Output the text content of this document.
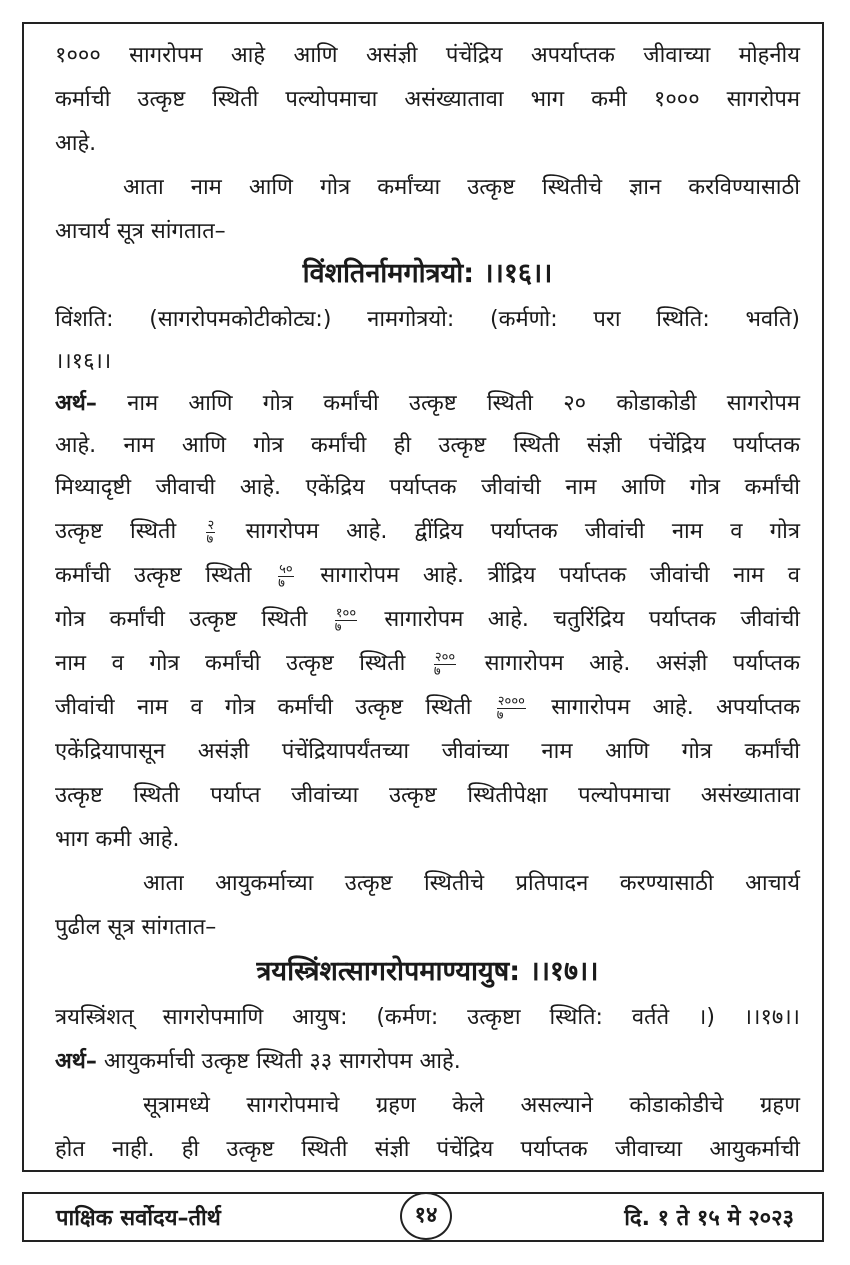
१००० सागरोपम आहे आणि असंज्ञी पंचेंद्रिय अपर्याप्तक जीवाच्या मोहनीय
कर्माची उत्कृष्ट स्थिती पल्योपमाचा असंख्यातावा भाग कमी १००० सागरोपम
आहे.
आता नाम आणि गोत्र कर्मांच्या उत्कृष्ट स्थितीचे ज्ञान करविण्यासाठी
आचार्य सूत्र सांगतात–
विंशतिर्नामगोत्रयो: ।।१६।।
विंशति: (सागरोपमकोटीकोट्य:) नामगोत्रयो: (कर्मणो: परा स्थिति: भवति)
।।१६।।
अर्थ– नाम आणि गोत्र कर्मांची उत्कृष्ट स्थिती २० कोडाकोडी सागरोपम
आहे. नाम आणि गोत्र कर्मांची ही उत्कृष्ट स्थिती संज्ञी पंचेंद्रिय पर्याप्तक
मिथ्यादृष्टी जीवाची आहे. एकेंद्रिय पर्याप्तक जीवांची नाम आणि गोत्र कर्मांची
उत्कृष्ट स्थिती $\frac{२}{७}$ सागरोपम आहे. द्वींद्रिय पर्याप्तक जीवांची नाम व गोत्र
कर्मांची उत्कृष्ट स्थिती $\frac{५०}{७}$ सागारोपम आहे. त्रींद्रिय पर्याप्तक जीवांची नाम व
गोत्र कर्मांची उत्कृष्ट स्थिती $\frac{१००}{७}$ सागारोपम आहे. चतुरिंद्रिय पर्याप्तक जीवांची
नाम व गोत्र कर्मांची उत्कृष्ट स्थिती $\frac{२००}{७}$ सागारोपम आहे. असंज्ञी पर्याप्तक
जीवांची नाम व गोत्र कर्मांची उत्कृष्ट स्थिती $\frac{२०००}{७}$ सागारोपम आहे. अपर्याप्तक
एकेंद्रियापासून असंज्ञी पंचेंद्रियापर्यंतच्या जीवांच्या नाम आणि गोत्र कर्मांची
उत्कृष्ट स्थिती पर्याप्त जीवांच्या उत्कृष्ट स्थितीपेक्षा पल्योपमाचा असंख्यातावा
भाग कमी आहे.
आता आयुकर्माच्या उत्कृष्ट स्थितीचे प्रतिपादन करण्यासाठी आचार्य
पुढील सूत्र सांगतात–
त्रयस्त्रिंशत्सागरोपमाण्यायुष: ।।१७।।
त्रयस्त्रिंशत् सागरोपमाणि आयुष: (कर्मण: उत्कृष्टा स्थिति: वर्तते ।) ।।१७।।
अर्थ– आयुकर्माची उत्कृष्ट स्थिती ३३ सागरोपम आहे.
सूत्रामध्ये सागरोपमाचे ग्रहण केले असल्याने कोडाकोडीचे ग्रहण
होत नाही. ही उत्कृष्ट स्थिती संज्ञी पंचेंद्रिय पर्याप्तक जीवाच्या आयुकर्माची
पाक्षिक सर्वोदय–तीर्थ	१४	दि. १ ते १५ मे २०२३
